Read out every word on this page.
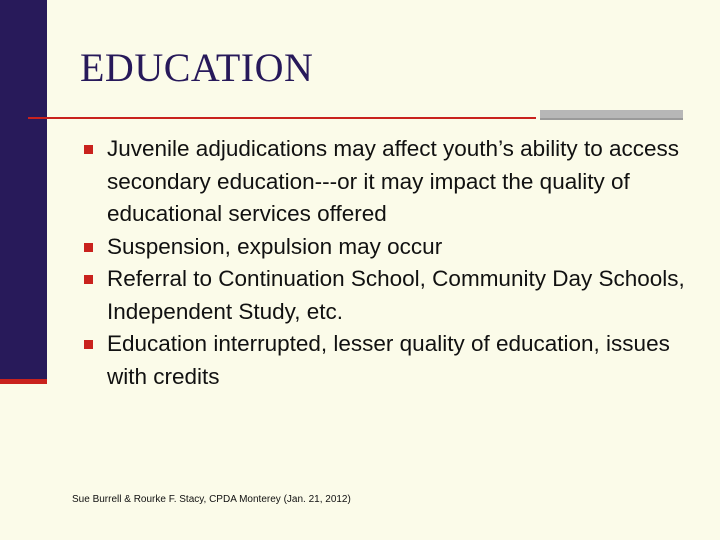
EDUCATION
Juvenile adjudications may affect youth’s ability to access secondary education---or it may impact the quality of educational services offered
Suspension, expulsion may occur
Referral to Continuation School, Community Day Schools, Independent Study, etc.
Education interrupted, lesser quality of education, issues with credits
Sue Burrell & Rourke F. Stacy, CPDA Monterey (Jan. 21, 2012)
